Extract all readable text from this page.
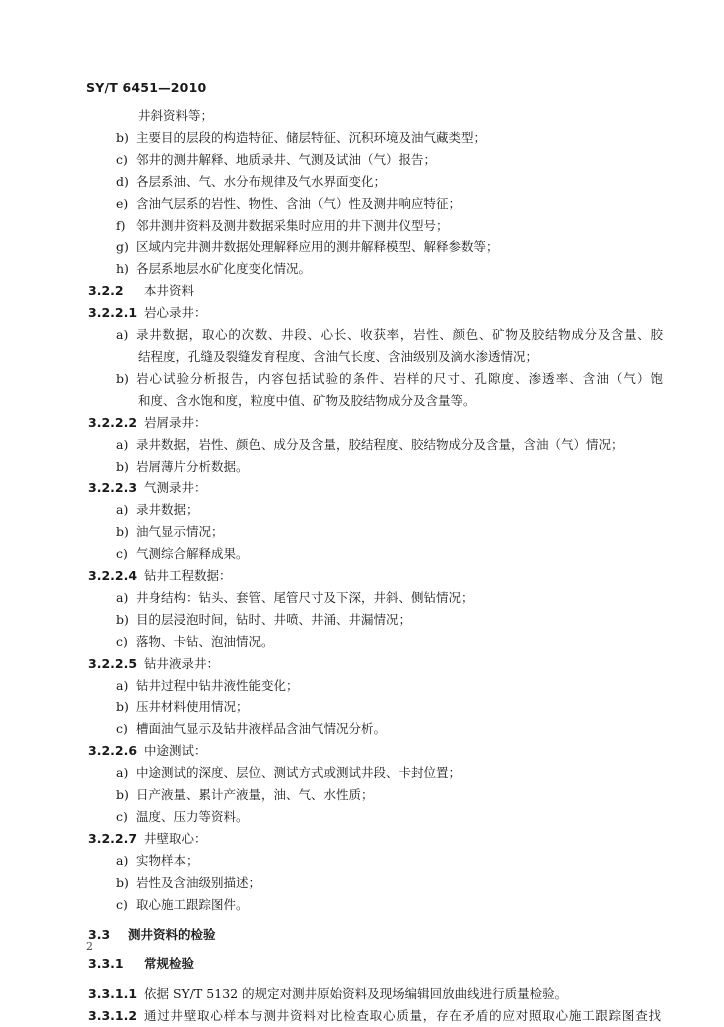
SY/T 6451—2010
井斜资料等；
b) 主要目的层段的构造特征、储层特征、沉积环境及油气藏类型；
c) 邻井的测井解释、地质录井、气测及试油（气）报告；
d) 各层系油、气、水分布规律及气水界面变化；
e) 含油气层系的岩性、物性、含油（气）性及测井响应特征；
f) 邻井测井资料及测井数据采集时应用的井下测井仪型号；
g) 区域内完井测井数据处理解释应用的测井解释模型、解释参数等；
h) 各层系地层水矿化度变化情况。
3.2.2 本井资料
3.2.2.1 岩心录井：
a) 录井数据，取心的次数、井段、心长、收获率，岩性、颜色、矿物及胶结物成分及含量、胶
结程度，孔缝及裂缝发育程度、含油气长度、含油级别及滴水渗透情况；
b) 岩心试验分析报告，内容包括试验的条件、岩样的尺寸、孔隙度、渗透率、含油（气）饱
和度、含水饱和度，粒度中值、矿物及胶结物成分及含量等。
3.2.2.2 岩屑录井：
a) 录井数据，岩性、颜色、成分及含量，胶结程度、胶结物成分及含量，含油（气）情况；
b) 岩屑薄片分析数据。
3.2.2.3 气测录井：
a) 录井数据；
b) 油气显示情况；
c) 气测综合解释成果。
3.2.2.4 钻井工程数据：
a) 井身结构：钻头、套管、尾管尺寸及下深，井斜、侧钻情况；
b) 目的层浸泡时间，钻时、井喷、井涌、井漏情况；
c) 落物、卡钻、泡油情况。
3.2.2.5 钻井液录井：
a) 钻井过程中钻井液性能变化；
b) 压井材料使用情况；
c) 槽面油气显示及钻井液样品含油气情况分析。
3.2.2.6 中途测试：
a) 中途测试的深度、层位、测试方式或测试井段、卡封位置；
b) 日产液量、累计产液量，油、气、水性质；
c) 温度、压力等资料。
3.2.2.7 井壁取心：
a) 实物样本；
b) 岩性及含油级别描述；
c) 取心施工跟踪图件。
3.3 测井资料的检验
3.3.1 常规检验
3.3.1.1 依据 SY/T 5132 的规定对测井原始资料及现场编辑回放曲线进行质量检验。
3.3.1.2 通过井壁取心样本与测井资料对比检查取心质量，存在矛盾的应对照取心施工跟踪图查找
2
